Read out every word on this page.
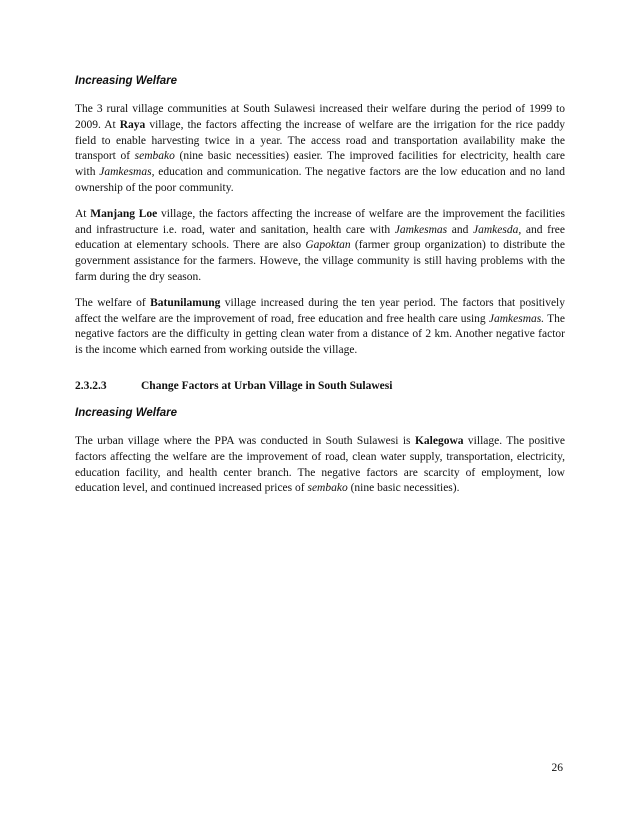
Increasing Welfare

The 3 rural village communities at South Sulawesi increased their welfare during the period of 1999 to 2009. At Raya village, the factors affecting the increase of welfare are the irrigation for the rice paddy field to enable harvesting twice in a year. The access road and transportation availability make the transport of sembako (nine basic necessities) easier. The improved facilities for electricity, health care with Jamkesmas, education and communication. The negative factors are the low education and no land ownership of the poor community.

At Manjang Loe village, the factors affecting the increase of welfare are the improvement the facilities and infrastructure i.e. road, water and sanitation, health care with Jamkesmas and Jamkesda, and free education at elementary schools. There are also Gapoktan (farmer group organization) to distribute the government assistance for the farmers. Howeve, the village community is still having problems with the farm during the dry season.

The welfare of Batunilamung village increased during the ten year period. The factors that positively affect the welfare are the improvement of road, free education and free health care using Jamkesmas. The negative factors are the difficulty in getting clean water from a distance of 2 km. Another negative factor is the income which earned from working outside the village.

2.3.2.3	Change Factors at Urban Village in South Sulawesi
Increasing Welfare

The urban village where the PPA was conducted in South Sulawesi is Kalegowa village. The positive factors affecting the welfare are the improvement of road, clean water supply, transportation, electricity, education facility, and health center branch. The negative factors are scarcity of employment, low education level, and continued increased prices of sembako (nine basic necessities).

26
